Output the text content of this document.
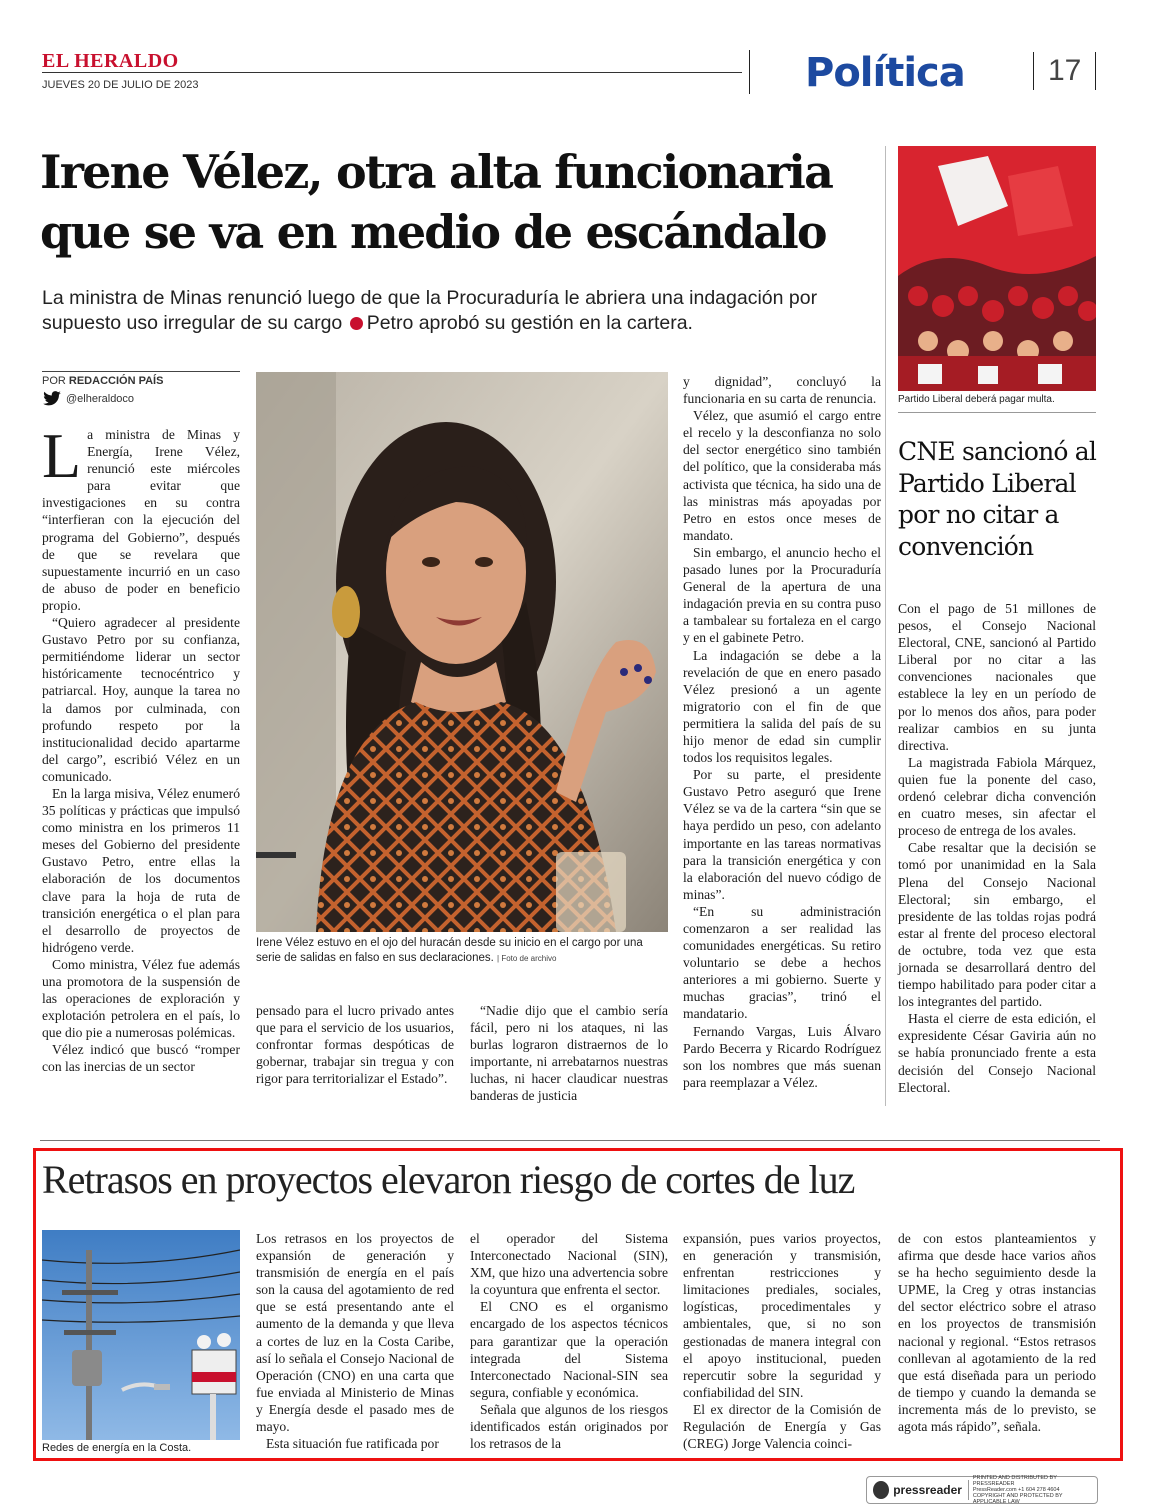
EL HERALDO
JUEVES 20 DE JULIO DE 2023	Política	17
Irene Vélez, otra alta funcionaria
que se va en medio de escándalo
La ministra de Minas renunció luego de que la Procuraduría le abriera una indagación por supuesto uso irregular de su cargo Petro aprobó su gestión en la cartera.
POR REDACCIÓN PAÍS
@elheraldoco

La ministra de Minas y Energía, Irene Vélez, renunció este miércoles para evitar que investigaciones en su contra “interfieran con la ejecución del programa del Gobierno”, después de que se revelara que supuestamente incurrió en un caso de abuso de poder en beneficio propio.

“Quiero agradecer al presidente Gustavo Petro por su confianza, permitiéndome liderar un sector históricamente tecnocéntrico y patriarcal. Hoy, aunque la tarea no la damos por culminada, con profundo respeto por la institucionalidad decido apartarme del cargo”, escribió Vélez en un comunicado.

En la larga misiva, Vélez enumeró 35 políticas y prácticas que impulsó como ministra en los primeros 11 meses del Gobierno del presidente Gustavo Petro, entre ellas la elaboración de los documentos clave para la hoja de ruta de transición energética o el plan para el desarrollo de proyectos de hidrógeno verde.

Como ministra, Vélez fue además una promotora de la suspensión de las operaciones de exploración y explotación petrolera en el país, lo que dio pie a numerosas polémicas.

Vélez indicó que buscó “romper con las inercias de un sector

Irene Vélez estuvo en el ojo del huracán desde su inicio en el cargo por una serie de salidas en falso en sus declaraciones. | Foto de archivo

pensado para el lucro privado antes que para el servicio de los usuarios, confrontar formas despóticas de gobernar, trabajar sin tregua y con rigor para territorializar el Estado”.

“Nadie dijo que el cambio sería fácil, pero ni los ataques, ni las burlas lograron distraernos de lo importante, ni arrebatarnos nuestras luchas, ni hacer claudicar nuestras banderas de justicia

y dignidad”, concluyó la funcionaria en su carta de renuncia.

Vélez, que asumió el cargo entre el recelo y la desconfianza no solo del sector energético sino también del político, que la consideraba más activista que técnica, ha sido una de las ministras más apoyadas por Petro en estos once meses de mandato.

Sin embargo, el anuncio hecho el pasado lunes por la Procuraduría General de la apertura de una indagación previa en su contra puso a tambalear su fortaleza en el cargo y en el gabinete Petro.

La indagación se debe a la revelación de que en enero pasado Vélez presionó a un agente migratorio con el fin de que permitiera la salida del país de su hijo menor de edad sin cumplir todos los requisitos legales.

Por su parte, el presidente Gustavo Petro aseguró que Irene Vélez se va de la cartera “sin que se haya perdido un peso, con adelanto importante en las tareas normativas para la transición energética y con la elaboración del nuevo código de minas”.

“En su administración comenzaron a ser realidad las comunidades energéticas. Su retiro voluntario se debe a hechos anteriores a mi gobierno. Suerte y muchas gracias”, trinó el mandatario.

Fernando Vargas, Luis Álvaro Pardo Becerra y Ricardo Rodríguez son los nombres que más suenan para reemplazar a Vélez.

Partido Liberal deberá pagar multa.
CNE sancionó al Partido Liberal por no citar a convención

Con el pago de 51 millones de pesos, el Consejo Nacional Electoral, CNE, sancionó al Partido Liberal por no citar a las convenciones nacionales que establece la ley en un período de por lo menos dos años, para poder realizar cambios en su junta directiva.

La magistrada Fabiola Márquez, quien fue la ponente del caso, ordenó celebrar dicha convención en cuatro meses, sin afectar el proceso de entrega de los avales.

Cabe resaltar que la decisión se tomó por unanimidad en la Sala Plena del Consejo Nacional Electoral; sin embargo, el presidente de las toldas rojas podrá estar al frente del proceso electoral de octubre, toda vez que esta jornada se desarrollará dentro del tiempo habilitado para poder citar a los integrantes del partido.

Hasta el cierre de esta edición, el expresidente César Gaviria aún no se había pronunciado frente a esta decisión del Consejo Nacional Electoral.

Retrasos en proyectos elevaron riesgo de cortes de luz
Redes de energía en la Costa.

Los retrasos en los proyectos de expansión de generación y transmisión de energía en el país son la causa del agotamiento de red que se está presentando ante el aumento de la demanda y que lleva a cortes de luz en la Costa Caribe, así lo señala el Consejo Nacional de Operación (CNO) en una carta que fue enviada al Ministerio de Minas y Energía desde el pasado mes de mayo.

Esta situación fue ratificada por

el operador del Sistema Interconectado Nacional (SIN), XM, que hizo una advertencia sobre la coyuntura que enfrenta el sector.

El CNO es el organismo encargado de los aspectos técnicos para garantizar que la operación integrada del Sistema Interconectado Nacional-SIN sea segura, confiable y económica.

Señala que algunos de los riesgos identificados están originados por los retrasos de la

expansión, pues varios proyectos, en generación y transmisión, enfrentan restricciones y limitaciones prediales, sociales, logísticas, procedimentales y ambientales, que, si no son gestionadas de manera integral con el apoyo institucional, pueden repercutir sobre la seguridad y confiabilidad del SIN.

El ex director de la Comisión de Regulación de Energía y Gas (CREG) Jorge Valencia coinci-

de con estos planteamientos y afirma que desde hace varios años se ha hecho seguimiento desde la UPME, la Creg y otras instancias del sector eléctrico sobre el atraso en los proyectos de transmisión nacional y regional. “Estos retrasos conllevan al agotamiento de la red que está diseñada para un periodo de tiempo y cuando la demanda se incrementa más de lo previsto, se agota más rápido”, señala.

pressreader
PRINTED AND DISTRIBUTED BY PRESSREADER
PressReader.com +1 604 278 4604
COPYRIGHT AND PROTECTED BY APPLICABLE LAW
